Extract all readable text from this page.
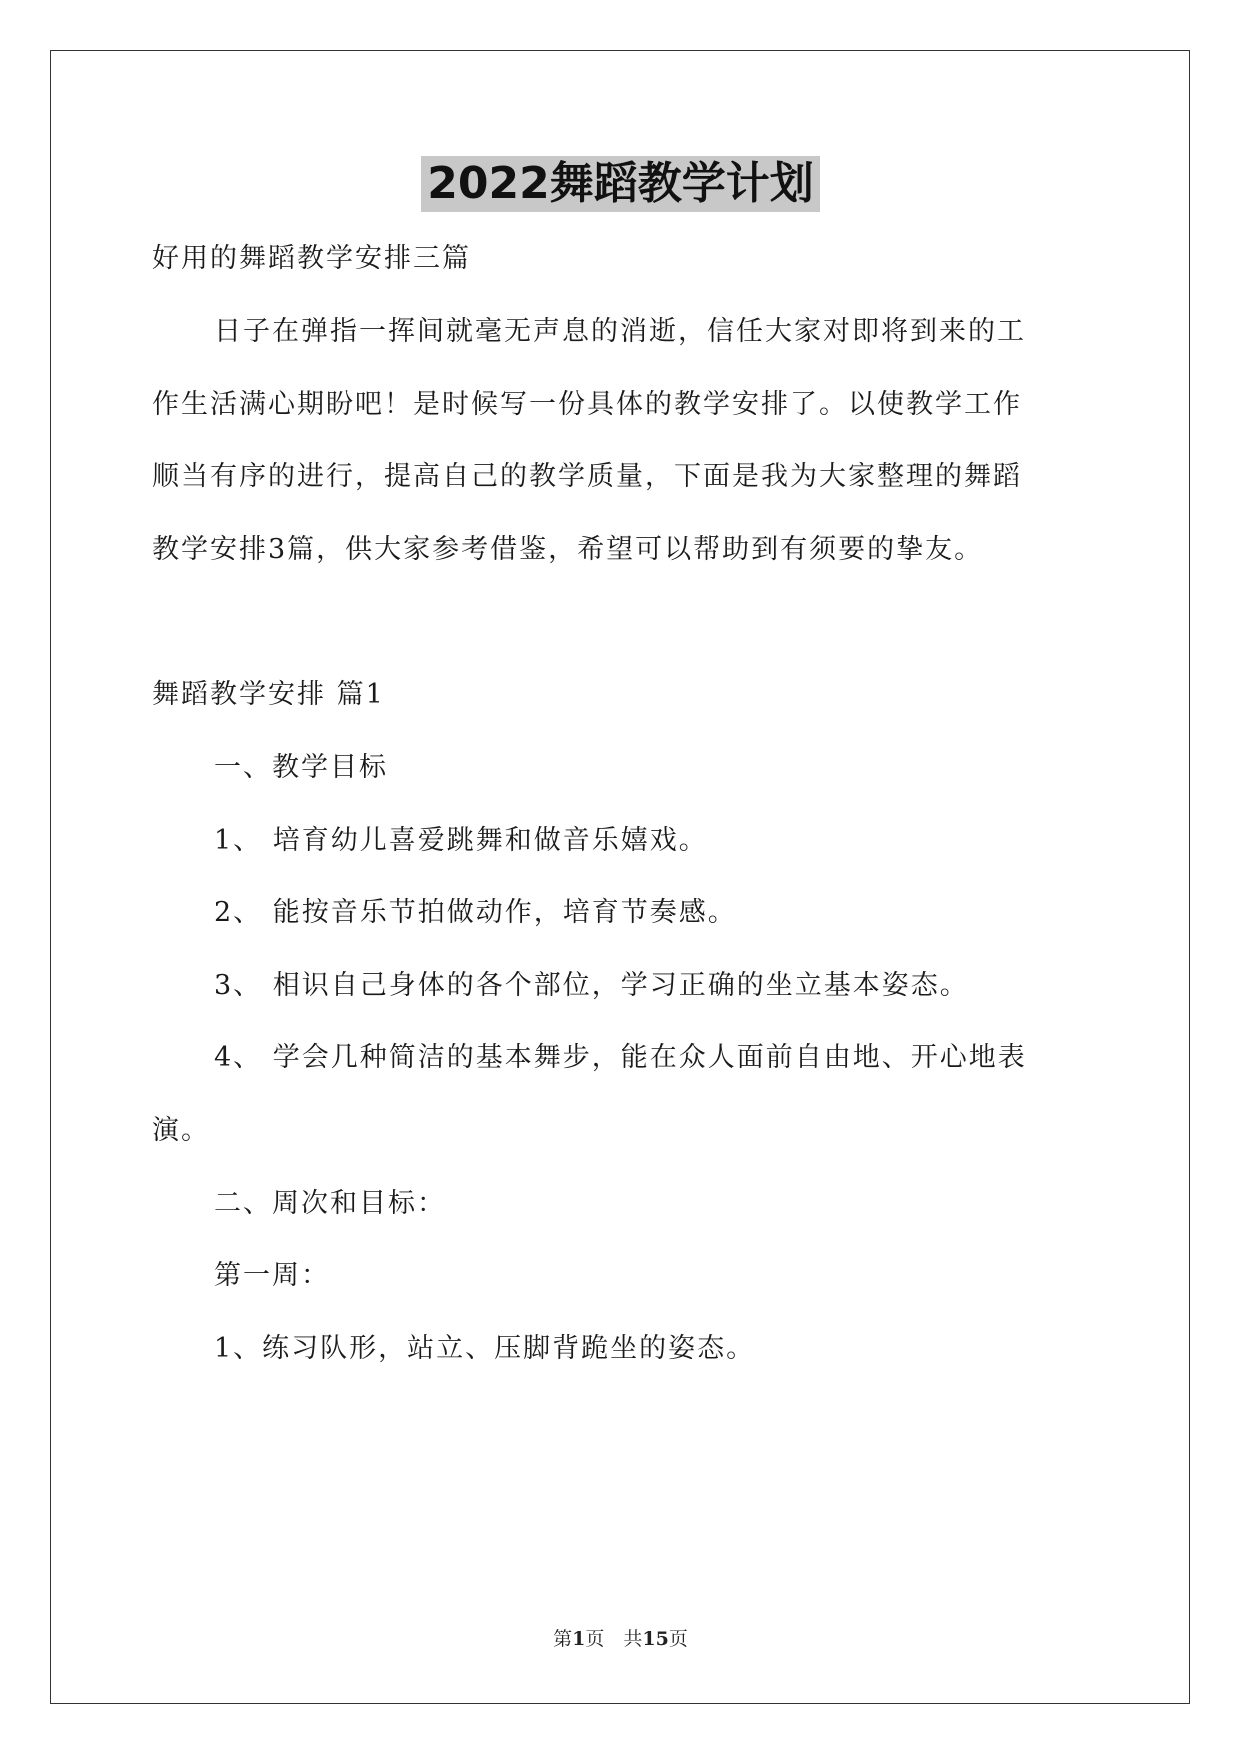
2022舞蹈教学计划
好用的舞蹈教学安排三篇
日子在弹指一挥间就毫无声息的消逝，信任大家对即将到来的工
作生活满心期盼吧！是时候写一份具体的教学安排了。以使教学工作
顺当有序的进行，提高自己的教学质量，下面是我为大家整理的舞蹈
教学安排3篇，供大家参考借鉴，希望可以帮助到有须要的挚友。
舞蹈教学安排 篇1
一、教学目标
1、 培育幼儿喜爱跳舞和做音乐嬉戏。
2、 能按音乐节拍做动作，培育节奏感。
3、 相识自己身体的各个部位，学习正确的坐立基本姿态。
4、 学会几种简洁的基本舞步，能在众人面前自由地、开心地表
演。
二、周次和目标：
第一周：
1、练习队形，站立、压脚背跪坐的姿态。
第1页　共15页
